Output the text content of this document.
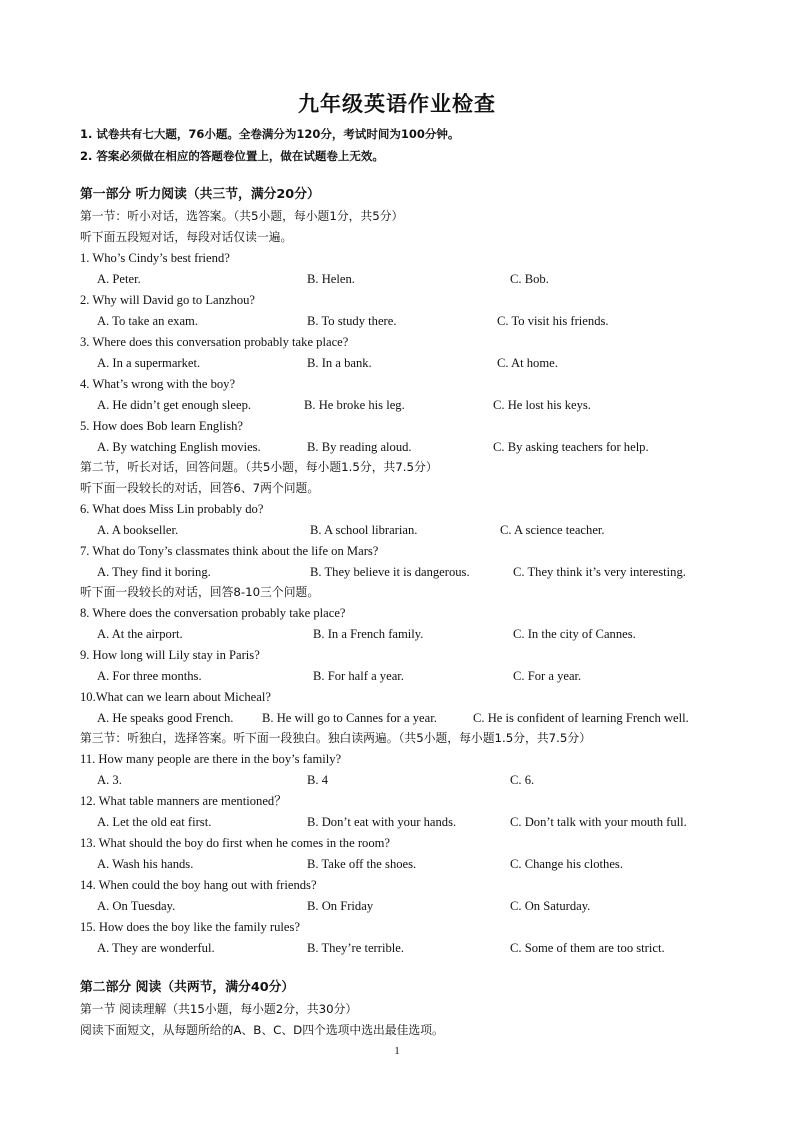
九年级英语作业检查
1. 试卷共有七大题，76小题。全卷满分为120分，考试时间为100分钟。
2. 答案必须做在相应的答题卷位置上，做在试题卷上无效。
第一部分 听力阅读（共三节，满分20分）
第一节：听小对话，选答案。（共5小题，每小题1分，共5分）
听下面五段短对话，每段对话仅读一遍。
1. Who’s Cindy’s best friend?
A. Peter.	B. Helen.	C. Bob.
2. Why will David go to Lanzhou?
A. To take an exam.	B. To study there.	C. To visit his friends.
3. Where does this conversation probably take place?
A. In a supermarket.	B. In a bank.	C. At home.
4. What’s wrong with the boy?
A. He didn’t get enough sleep.	B. He broke his leg.	C. He lost his keys.
5. How does Bob learn English?
A. By watching English movies.	B. By reading aloud.	C. By asking teachers for help.
第二节，听长对话，回答问题。（共5小题，每小题1.5分，共7.5分）
听下面一段较长的对话，回答6、7两个问题。
6. What does Miss Lin probably do?
A. A bookseller.	B. A school librarian.	C. A science teacher.
7. What do Tony’s classmates think about the life on Mars?
A. They find it boring.	B. They believe it is dangerous.	C. They think it’s very interesting.
听下面一段较长的对话，回答8-10三个问题。
8. Where does the conversation probably take place?
A. At the airport.	B. In a French family.	C. In the city of Cannes.
9. How long will Lily stay in Paris?
A. For three months.	B. For half a year.	C. For a year.
10.What can we learn about Micheal?
A. He speaks good French. B. He will go to Cannes for a year.	C. He is confident of learning French well.
第三节：听独白，选择答案。听下面一段独白。独白读两遍。（共5小题，每小题1.5分，共7.5分）
11. How many people are there in the boy’s family?
A. 3.	B. 4	C. 6.
12. What table manners are mentioned？
A. Let the old eat first.	B. Don’t eat with your hands.	C. Don’t talk with your mouth full.
13. What should the boy do first when he comes in the room?
A. Wash his hands.	B. Take off the shoes.	C. Change his clothes.
14. When could the boy hang out with friends?
A. On Tuesday.	B. On Friday	C. On Saturday.
15. How does the boy like the family rules?
A. They are wonderful.	B. They’re terrible.	C. Some of them are too strict.
第二部分 阅读（共两节，满分40分）
第一节 阅读理解（共15小题，每小题2分，共30分）
阅读下面短文，从每题所给的A、B、C、D四个选项中选出最佳选项。
1
